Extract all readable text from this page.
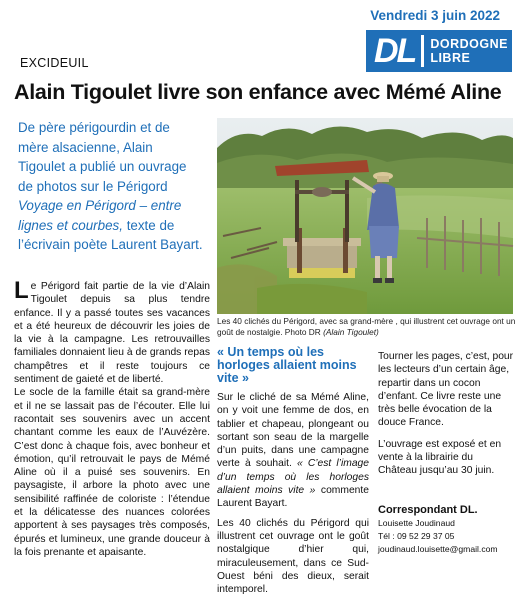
Vendredi 3 juin 2022
DL DORDOGNE
LIBRE
EXCIDEUIL
Alain Tigoulet livre son enfance avec Mémé Aline
De père périgourdin et de
mère alsacienne, Alain
Tigoulet a publié un ouvrage
de photos sur le Périgord
Voyage en Périgord – entre
lignes et courbes, texte de
l’écrivain poète Laurent Bayart.
Les 40 clichés du Périgord, avec sa grand-mère , qui illustrent cet ouvrage ont un goût de nostalgie. Photo DR (Alain Tigoulet)

Le Périgord fait partie de la vie d’Alain Tigoulet depuis sa plus tendre enfance. Il y a passé toutes ses vacances et a été heureux de découvrir les joies de la vie à la campagne. Les retrouvailles familiales donnaient lieu à de grands repas champêtres et il reste toujours ce sentiment de gaieté et de liberté.

Le socle de la famille était sa grand-mère et il ne se lassait pas de l’écouter. Elle lui racontait ses souvenirs avec un accent chantant comme les eaux de l’Auvézère. C’est donc à chaque fois, avec bonheur et émotion, qu’il retrouvait le pays de Mémé Aline où il a puisé ses souvenirs. En paysagiste, il arbore la photo avec une sensibilité raffinée de coloriste : l’étendue et la délicatesse des nuances colorées apportent à ses paysages très composés, épurés et lumineux, une grande douceur à la fois prenante et apaisante.

« Un temps où les horloges allaient moins vite »

Sur le cliché de sa Mémé Aline, on y voit une femme de dos, en tablier et chapeau, plongeant ou sortant son seau de la margelle d’un puits, dans une campagne verte à souhait. « C’est l’image d’un temps où les horloges allaient moins vite » commente Laurent Bayart.

Les 40 clichés du Périgord qui illustrent cet ouvrage ont le goût nostalgique d’hier qui, miraculeusement, dans ce Sud-Ouest béni des dieux, serait intemporel.

Tourner les pages, c’est, pour les lecteurs d’un certain âge, repartir dans un cocon d’enfant. Ce livre reste une très belle évocation de la douce France.

L’ouvrage est exposé et en vente à la librairie du Château jusqu’au 30 juin.

Correspondant DL.
Louisette Joudinaud
Tél : 09 52 29 37 05
joudinaud.louisette@gmail.com
